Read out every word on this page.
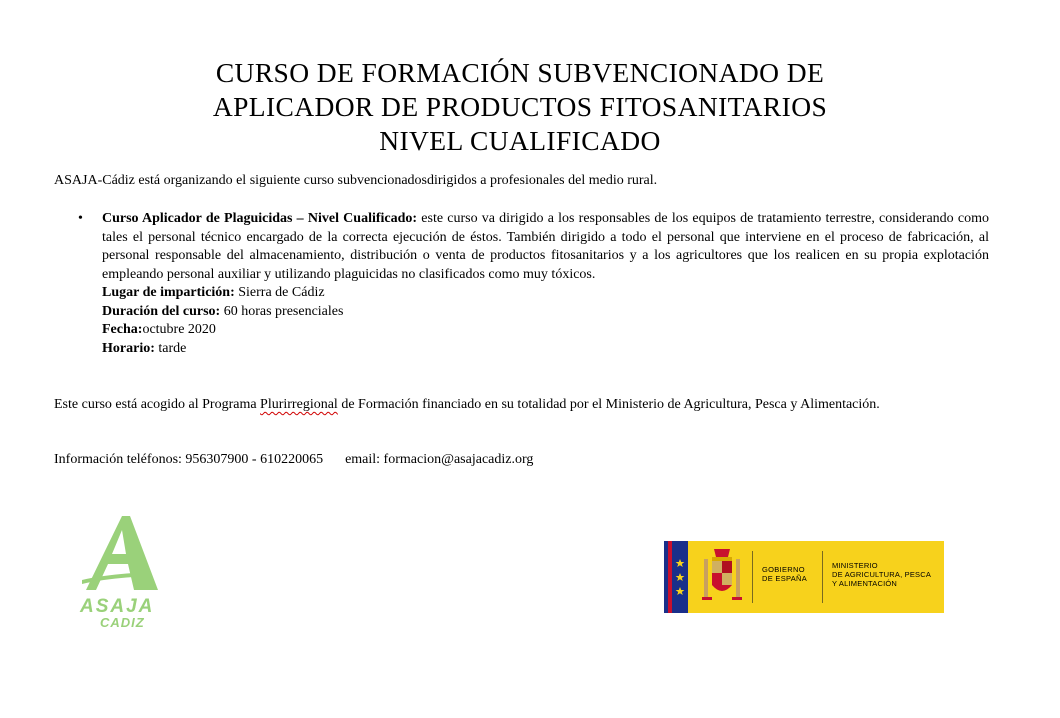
CURSO DE FORMACIÓN SUBVENCIONADO DE
APLICADOR DE PRODUCTOS FITOSANITARIOS
NIVEL CUALIFICADO
ASAJA-Cádiz está organizando el siguiente curso subvencionadosdirigidos a profesionales del medio rural.
• Curso Aplicador de Plaguicidas – Nivel Cualificado: este curso va dirigido a los responsables de los equipos de tratamiento terrestre, considerando como tales el personal técnico encargado de la correcta ejecución de éstos. También dirigido a todo el personal que interviene en el proceso de fabricación, al personal responsable del almacenamiento, distribución o venta de productos fitosanitarios y a los agricultores que los realicen en su propia explotación empleando personal auxiliar y utilizando plaguicidas no clasificados como muy tóxicos.
Lugar de impartición: Sierra de Cádiz
Duración del curso: 60 horas presenciales
Fecha:octubre 2020
Horario: tarde
Este curso está acogido al Programa Plurirregional de Formación financiado en su totalidad por el Ministerio de Agricultura, Pesca y Alimentación.
Información teléfonos: 956307900 - 610220065 email: formacion@asajacadiz.org
ASAJA
CADIZ
GOBIERNO
DE ESPAÑA
MINISTERIO
DE AGRICULTURA, PESCA
Y ALIMENTACIÓN
